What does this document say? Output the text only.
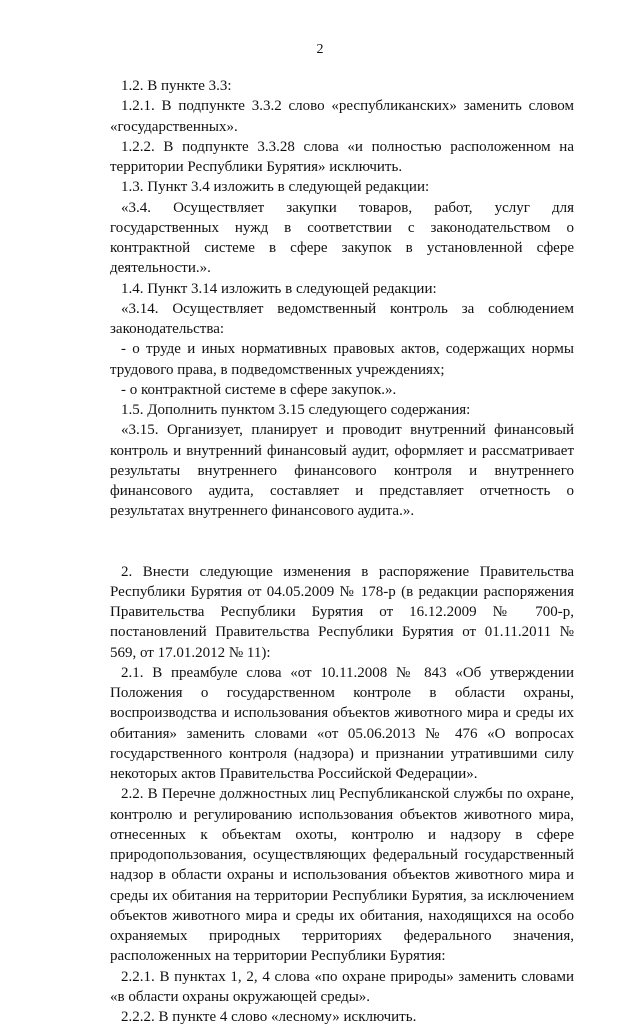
2

1.2. В пункте 3.3:

1.2.1. В подпункте 3.3.2 слово «республиканских» заменить словом «государственных».

1.2.2. В подпункте 3.3.28 слова «и полностью расположенном на территории Республики Бурятия» исключить.

1.3. Пункт 3.4 изложить в следующей редакции:

«3.4. Осуществляет закупки товаров, работ, услуг для государственных нужд в соответствии с законодательством о контрактной системе в сфере закупок в установленной сфере деятельности.».

1.4. Пункт 3.14 изложить в следующей редакции:

«3.14. Осуществляет ведомственный контроль за соблюдением законодательства:

- о труде и иных нормативных правовых актов, содержащих нормы трудового права, в подведомственных учреждениях;

- о контрактной системе в сфере закупок.».

1.5. Дополнить пунктом 3.15 следующего содержания:

«3.15. Организует, планирует и проводит внутренний финансовый контроль и внутренний финансовый аудит, оформляет и рассматривает результаты внутреннего финансового контроля и внутреннего финансового аудита, составляет и представляет отчетность о результатах внутреннего финансового аудита.».

2. Внести следующие изменения в распоряжение Правительства Республики Бурятия от 04.05.2009 № 178-р (в редакции распоряжения Правительства Республики Бурятия от 16.12.2009 № 700-р, постановлений Правительства Республики Бурятия от 01.11.2011 № 569, от 17.01.2012 № 11):

2.1. В преамбуле слова «от 10.11.2008 № 843 «Об утверждении Положения о государственном контроле в области охраны, воспроизводства и использования объектов животного мира и среды их обитания» заменить словами «от 05.06.2013 № 476 «О вопросах государственного контроля (надзора) и признании утратившими силу некоторых актов Правительства Российской Федерации».

2.2. В Перечне должностных лиц Республиканской службы по охране, контролю и регулированию использования объектов животного мира, отнесенных к объектам охоты, контролю и надзору в сфере природопользования, осуществляющих федеральный государственный надзор в области охраны и использования объектов животного мира и среды их обитания на территории Республики Бурятия, за исключением объектов животного мира и среды их обитания, находящихся на особо охраняемых природных территориях федерального значения, расположенных на территории Республики Бурятия:

2.2.1. В пунктах 1, 2, 4 слова «по охране природы» заменить словами «в области охраны окружающей среды».

2.2.2. В пункте 4 слово «лесному» исключить.
